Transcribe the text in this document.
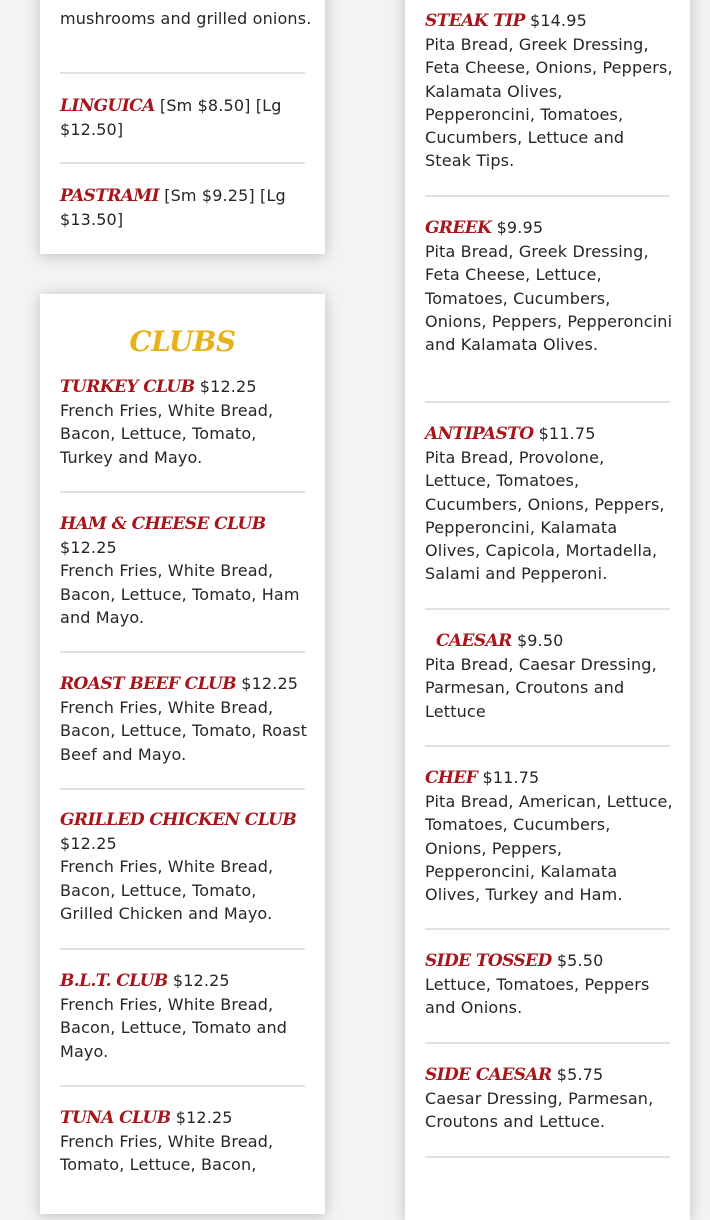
mushrooms and grilled onions.
LINGUICA [Sm $8.50] [Lg $12.50]
PASTRAMI [Sm $9.25] [Lg $13.50]
CLUBS
TURKEY CLUB $12.25
French Fries, White Bread, Bacon, Lettuce, Tomato, Turkey and Mayo.
HAM & CHEESE CLUB
$12.25
French Fries, White Bread, Bacon, Lettuce, Tomato, Ham and Mayo.
ROAST BEEF CLUB $12.25
French Fries, White Bread, Bacon, Lettuce, Tomato, Roast Beef and Mayo.
GRILLED CHICKEN CLUB
$12.25
French Fries, White Bread, Bacon, Lettuce, Tomato, Grilled Chicken and Mayo.
B.L.T. CLUB $12.25
French Fries, White Bread, Bacon, Lettuce, Tomato and Mayo.
TUNA CLUB $12.25
French Fries, White Bread, Tomato, Lettuce, Bacon,
STEAK TIP $14.95
Pita Bread, Greek Dressing, Feta Cheese, Onions, Peppers, Kalamata Olives, Pepperoncini, Tomatoes, Cucumbers, Lettuce and Steak Tips.
GREEK $9.95
Pita Bread, Greek Dressing, Feta Cheese, Lettuce, Tomatoes, Cucumbers, Onions, Peppers, Pepperoncini and Kalamata Olives.
ANTIPASTO $11.75
Pita Bread, Provolone, Lettuce, Tomatoes, Cucumbers, Onions, Peppers, Pepperoncini, Kalamata Olives, Capicola, Mortadella, Salami and Pepperoni.
CAESAR $9.50
Pita Bread, Caesar Dressing, Parmesan, Croutons and Lettuce
CHEF $11.75
Pita Bread, American, Lettuce, Tomatoes, Cucumbers, Onions, Peppers, Pepperoncini, Kalamata Olives, Turkey and Ham.
SIDE TOSSED $5.50
Lettuce, Tomatoes, Peppers and Onions.
SIDE CAESAR $5.75
Caesar Dressing, Parmesan, Croutons and Lettuce.
